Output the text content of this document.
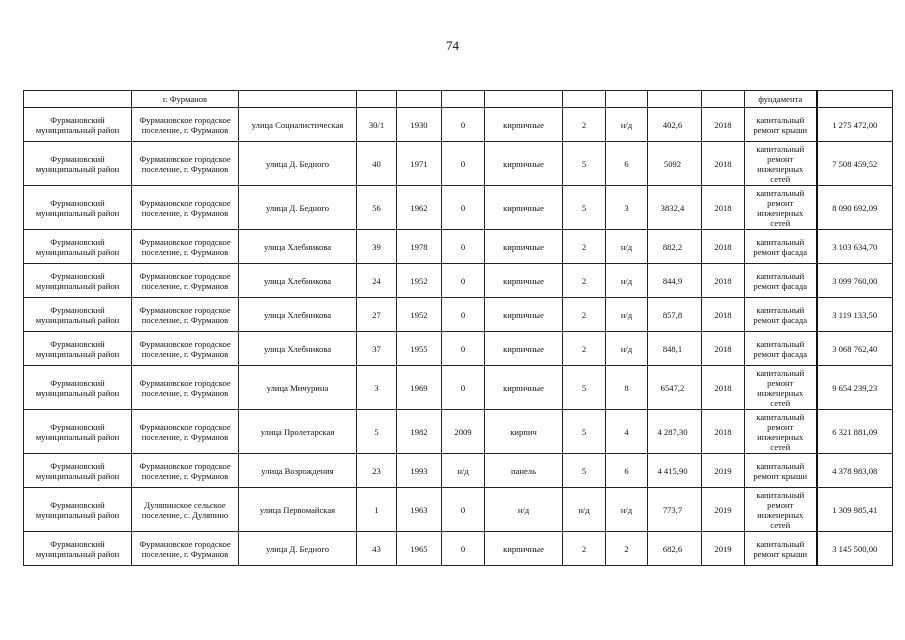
74
	г. Фурманов										фундамента	
Фурмановский муниципальный район	Фурмановское городское поселение, г. Фурманов	улица Социалистическая	30/1	1930	0	кирпичные	2	н/д	402,6	2018	капитальный ремонт крыши	1 275 472,00
Фурмановский муниципальный район	Фурмановское городское поселение, г. Фурманов	улица Д. Бедного	40	1971	0	кирпичные	5	6	5092	2018	капитальный ремонт инженерных сетей	7 508 459,52
Фурмановский муниципальный район	Фурмановское городское поселение, г. Фурманов	улица Д. Бедного	56	1962	0	кирпичные	5	3	3832,4	2018	капитальный ремонт инженерных сетей	8 090 692,09
Фурмановский муниципальный район	Фурмановское городское поселение, г. Фурманов	улица Хлебникова	39	1978	0	кирпичные	2	н/д	882,2	2018	капитальный ремонт фасада	3 103 634,70
Фурмановский муниципальный район	Фурмановское городское поселение, г. Фурманов	улица Хлебникова	24	1952	0	кирпичные	2	н/д	844,9	2018	капитальный ремонт фасада	3 099 760,00
Фурмановский муниципальный район	Фурмановское городское поселение, г. Фурманов	улица Хлебникова	27	1952	0	кирпичные	2	н/д	857,8	2018	капитальный ремонт фасада	3 119 133,50
Фурмановский муниципальный район	Фурмановское городское поселение, г. Фурманов	улица Хлебникова	37	1955	0	кирпичные	2	н/д	848,1	2018	капитальный ремонт фасада	3 068 762,40
Фурмановский муниципальный район	Фурмановское городское поселение, г. Фурманов	улица Мичурина	3	1969	0	кирпичные	5	8	6547,2	2018	капитальный ремонт инженерных сетей	9 654 239,23
Фурмановский муниципальный район	Фурмановское городское поселение, г. Фурманов	улица Пролетарская	5	1982	2009	кирпич	5	4	4 287,30	2018	капитальный ремонт инженерных сетей	6 321 881,09
Фурмановский муниципальный район	Фурмановское городское поселение, г. Фурманов	улица Возрождения	23	1993	н/д	панель	5	6	4 415,90	2019	капитальный ремонт крыши	4 378 983,08
Фурмановский муниципальный район	Дуляпинское сельское поселение, с. Дуляпино	улица Первомайская	1	1963	0	н/д	н/д	н/д	773,7	2019	капитальный ремонт инженерных сетей	1 309 985,41
Фурмановский муниципальный район	Фурмановское городское поселение, г. Фурманов	улица Д. Бедного	43	1965	0	кирпичные	2	2	682,6	2019	капитальный ремонт крыши	3 145 500,00
